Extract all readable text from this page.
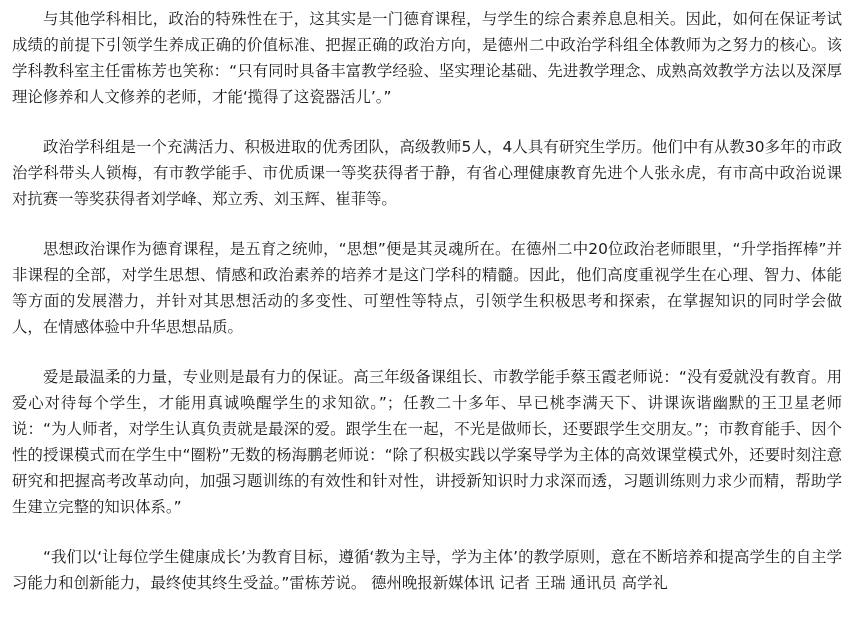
与其他学科相比，政治的特殊性在于，这其实是一门德育课程，与学生的综合素养息息相关。因此，如何在保证考试成绩的前提下引领学生养成正确的价值标准、把握正确的政治方向，是德州二中政治学科组全体教师为之努力的核心。该学科教科室主任雷栋芳也笑称：“只有同时具备丰富教学经验、坚实理论基础、先进教学理念、成熟高效教学方法以及深厚理论修养和人文修养的老师，才能‘揽得了这瓷器活儿’。”

政治学科组是一个充满活力、积极进取的优秀团队，高级教师5人，4人具有研究生学历。他们中有从教30多年的市政治学科带头人锁梅，有市教学能手、市优质课一等奖获得者于静，有省心理健康教育先进个人张永虎，有市高中政治说课对抗赛一等奖获得者刘学峰、郑立秀、刘玉辉、崔菲等。

思想政治课作为德育课程，是五育之统帅，“思想”便是其灵魂所在。在德州二中20位政治老师眼里，“升学指挥棒”并非课程的全部，对学生思想、情感和政治素养的培养才是这门学科的精髓。因此，他们高度重视学生在心理、智力、体能等方面的发展潜力，并针对其思想活动的多变性、可塑性等特点，引领学生积极思考和探索，在掌握知识的同时学会做人，在情感体验中升华思想品质。

爱是最温柔的力量，专业则是最有力的保证。高三年级备课组长、市教学能手蔡玉霞老师说：“没有爱就没有教育。用爱心对待每个学生，才能用真诚唤醒学生的求知欲。”；任教二十多年、早已桃李满天下、讲课诙谐幽默的王卫星老师说：“为人师者，对学生认真负责就是最深的爱。跟学生在一起，不光是做师长，还要跟学生交朋友。”；市教育能手、因个性的授课模式而在学生中“圈粉”无数的杨海鹏老师说：“除了积极实践以学案导学为主体的高效课堂模式外，还要时刻注意研究和把握高考改革动向，加强习题训练的有效性和针对性，讲授新知识时力求深而透，习题训练则力求少而精，帮助学生建立完整的知识体系。”

“我们以‘让每位学生健康成长’为教育目标，遵循‘教为主导，学为主体’的教学原则，意在不断培养和提高学生的自主学习能力和创新能力，最终使其终生受益。”雷栋芳说。 德州晚报新媒体讯 记者 王瑞 通讯员 高学礼
